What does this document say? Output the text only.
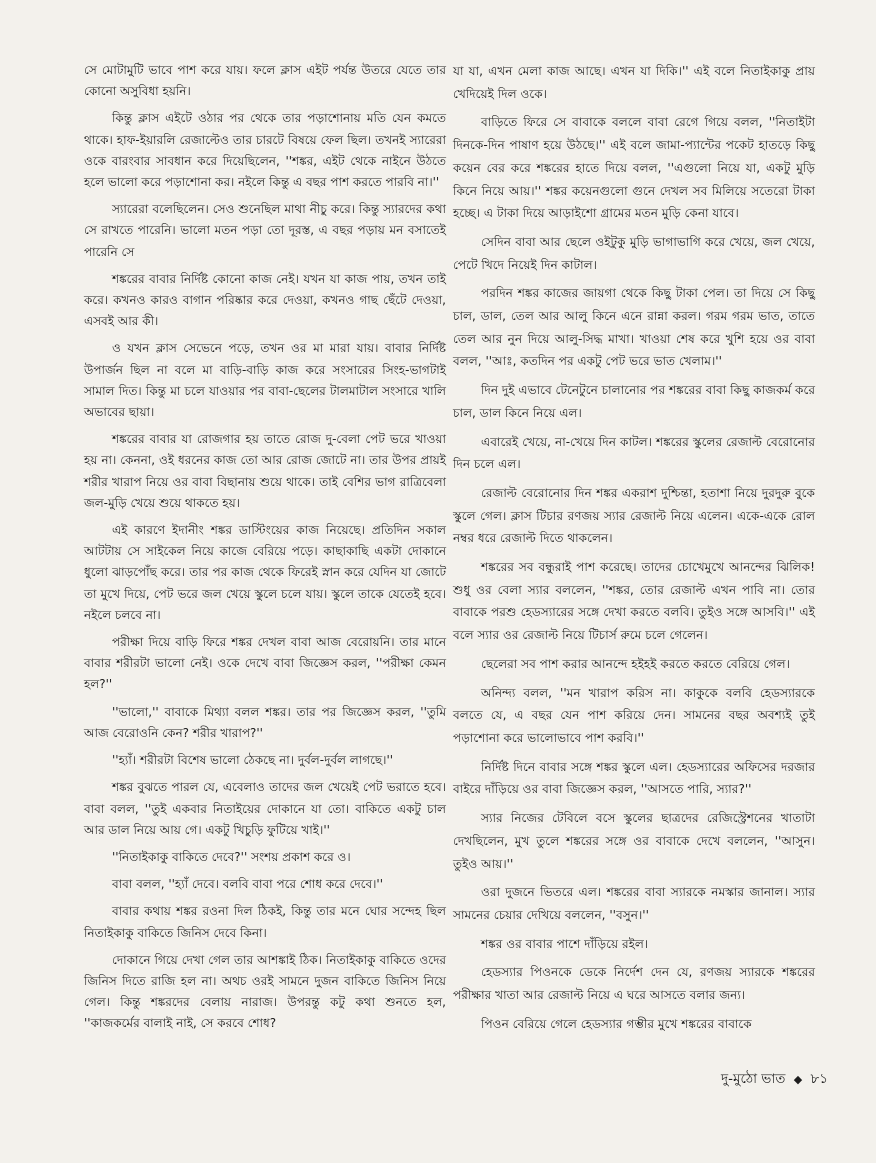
সে মোটামুটি ভাবে পাশ করে যায়। ফলে ক্লাস এইট পর্যন্ত উতরে যেতে তার কোনো অসুবিধা হয়নি।

কিন্তু ক্লাস এইটে ওঠার পর থেকে তার পড়াশোনায় মতি যেন কমতে থাকে। হাফ-ইয়ারলি রেজাল্টেও তার চারটে বিষয়ে ফেল ছিল। তখনই স্যারেরা ওকে বারংবার সাবধান করে দিয়েছিলেন, ''শঙ্কর, এইট থেকে নাইনে উঠতে হলে ভালো করে পড়াশোনা কর। নইলে কিন্তু এ বছর পাশ করতে পারবি না।''

স্যারেরা বলেছিলেন। সেও শুনেছিল মাথা নীচু করে। কিন্তু স্যারদের কথা সে রাখতে পারেনি। ভালো মতন পড়া তো দূরস্ত, এ বছর পড়ায় মন বসাতেই পারেনি সে

শঙ্করের বাবার নির্দিষ্ট কোনো কাজ নেই। যখন যা কাজ পায়, তখন তাই করে। কখনও কারও বাগান পরিষ্কার করে দেওয়া, কখনও গাছ ছেঁটে দেওয়া, এসবই আর কী।

ও যখন ক্লাস সেভেনে পড়ে, তখন ওর মা মারা যায়। বাবার নির্দিষ্ট উপার্জন ছিল না বলে মা বাড়ি-বাড়ি কাজ করে সংসারের সিংহ-ভাগটাই সামাল দিত। কিন্তু মা চলে যাওয়ার পর বাবা-ছেলের টালমাটাল সংসারে খালি অভাবের ছায়া।

শঙ্করের বাবার যা রোজগার হয় তাতে রোজ দু-বেলা পেট ভরে খাওয়া হয় না। কেননা, ওই ধরনের কাজ তো আর রোজ জোটে না। তার উপর প্রায়ই শরীর খারাপ নিয়ে ওর বাবা বিছানায় শুয়ে থাকে। তাই বেশির ভাগ রাত্রিবেলা জল-মুড়ি খেয়ে শুয়ে থাকতে হয়।

এই কারণে ইদানীং শঙ্কর ডাস্টিংয়ের কাজ নিয়েছে। প্রতিদিন সকাল আটটায় সে সাইকেল নিয়ে কাজে বেরিয়ে পড়ে। কাছাকাছি একটা দোকানে ধুলো ঝাড়পোঁছ করে। তার পর কাজ থেকে ফিরেই স্নান করে যেদিন যা জোটে তা মুখে দিয়ে, পেট ভরে জল খেয়ে স্কুলে চলে যায়। স্কুলে তাকে যেতেই হবে। নইলে চলবে না।

পরীক্ষা দিয়ে বাড়ি ফিরে শঙ্কর দেখল বাবা আজ বেরোয়নি। তার মানে বাবার শরীরটা ভালো নেই। ওকে দেখে বাবা জিজ্ঞেস করল, ''পরীক্ষা কেমন হল?''

''ভালো,'' বাবাকে মিথ্যা বলল শঙ্কর। তার পর জিজ্ঞেস করল, ''তুমি আজ বেরোওনি কেন? শরীর খারাপ?''

''হ্যাঁ। শরীরটা বিশেষ ভালো ঠেকছে না। দুর্বল-দুর্বল লাগছে।''

শঙ্কর বুঝতে পারল যে, এবেলাও তাদের জল খেয়েই পেট ভরাতে হবে। বাবা বলল, ''তুই একবার নিতাইয়ের দোকানে যা তো। বাকিতে একটু চাল আর ডাল নিয়ে আয় গে। একটু খিচুড়ি ফুটিয়ে খাই।''

''নিতাইকাকু বাকিতে দেবে?'' সংশয় প্রকাশ করে ও।

বাবা বলল, ''হ্যাঁ দেবে। বলবি বাবা পরে শোধ করে দেবে।''

বাবার কথায় শঙ্কর রওনা দিল ঠিকই, কিন্তু তার মনে ঘোর সন্দেহ ছিল নিতাইকাকু বাকিতে জিনিস দেবে কিনা।

দোকানে গিয়ে দেখা গেল তার আশঙ্কাই ঠিক। নিতাইকাকু বাকিতে ওদের জিনিস দিতে রাজি হল না। অথচ ওরই সামনে দুজন বাকিতে জিনিস নিয়ে গেল। কিন্তু শঙ্করদের বেলায় নারাজ। উপরন্তু কটু কথা শুনতে হল, ''কাজকর্মের বালাই নাই, সে করবে শোধ?

যা যা, এখন মেলা কাজ আছে। এখন যা দিকি।'' এই বলে নিতাইকাকু প্রায় খেদিয়েই দিল ওকে।

বাড়িতে ফিরে সে বাবাকে বললে বাবা রেগে গিয়ে বলল, ''নিতাইটা দিনকে-দিন পাষাণ হয়ে উঠছে।'' এই বলে জামা-প্যান্টের পকেট হাতড়ে কিছু কয়েন বের করে শঙ্করের হাতে দিয়ে বলল, ''এগুলো নিয়ে যা, একটু মুড়ি কিনে নিয়ে আয়।'' শঙ্কর কয়েনগুলো গুনে দেখল সব মিলিয়ে সতেরো টাকা হচ্ছে। এ টাকা দিয়ে আড়াইশো গ্রামের মতন মুড়ি কেনা যাবে।

সেদিন বাবা আর ছেলে ওইটুকু মুড়ি ভাগাভাগি করে খেয়ে, জল খেয়ে, পেটে খিদে নিয়েই দিন কাটাল।

পরদিন শঙ্কর কাজের জায়গা থেকে কিছু টাকা পেল। তা দিয়ে সে কিছু চাল, ডাল, তেল আর আলু কিনে এনে রান্না করল। গরম গরম ভাত, তাতে তেল আর নুন দিয়ে আলু-সিদ্ধ মাখা। খাওয়া শেষ করে খুশি হয়ে ওর বাবা বলল, ''আঃ, কতদিন পর একটু পেট ভরে ভাত খেলাম।''

দিন দুই এভাবে টেনেটুনে চালানোর পর শঙ্করের বাবা কিছু কাজকর্ম করে চাল, ডাল কিনে নিয়ে এল।

এবারেই খেয়ে, না-খেয়ে দিন কাটল। শঙ্করের স্কুলের রেজাল্ট বেরোনোর দিন চলে এল।

রেজাল্ট বেরোনোর দিন শঙ্কর একরাশ দুশ্চিন্তা, হতাশা নিয়ে দুরদুরু বুকে স্কুলে গেল। ক্লাস টিচার রণজয় স্যার রেজাল্ট নিয়ে এলেন। একে-একে রোল নম্বর ধরে রেজাল্ট দিতে থাকলেন।

শঙ্করের সব বন্ধুরাই পাশ করেছে। তাদের চোখেমুখে আনন্দের ঝিলিক! শুধু ওর বেলা স্যার বললেন, ''শঙ্কর, তোর রেজাল্ট এখন পাবি না। তোর বাবাকে পরশু হেডস্যারের সঙ্গে দেখা করতে বলবি। তুইও সঙ্গে আসবি।'' এই বলে স্যার ওর রেজাল্ট নিয়ে টিচার্স রুমে চলে গেলেন।

ছেলেরা সব পাশ করার আনন্দে হইহই করতে করতে বেরিয়ে গেল।

অনিন্দ্য বলল, ''মন খারাপ করিস না। কাকুকে বলবি হেডস্যারকে বলতে যে, এ বছর যেন পাশ করিয়ে দেন। সামনের বছর অবশ্যই তুই পড়াশোনা করে ভালোভাবে পাশ করবি।''

নির্দিষ্ট দিনে বাবার সঙ্গে শঙ্কর স্কুলে এল। হেডস্যারের অফিসের দরজার বাইরে দাঁড়িয়ে ওর বাবা জিজ্ঞেস করল, ''আসতে পারি, স্যার?''

স্যার নিজের টেবিলে বসে স্কুলের ছাত্রদের রেজিস্ট্রেশনের খাতাটা দেখছিলেন, মুখ তুলে শঙ্করের সঙ্গে ওর বাবাকে দেখে বললেন, ''আসুন। তুইও আয়।''

ওরা দুজনে ভিতরে এল। শঙ্করের বাবা স্যারকে নমস্কার জানাল। স্যার সামনের চেয়ার দেখিয়ে বললেন, ''বসুন।''

শঙ্কর ওর বাবার পাশে দাঁড়িয়ে রইল।

হেডস্যার পিওনকে ডেকে নির্দেশ দেন যে, রণজয় স্যারকে শঙ্করের পরীক্ষার খাতা আর রেজাল্ট নিয়ে এ ঘরে আসতে বলার জন্য।

পিওন বেরিয়ে গেলে হেডস্যার গম্ভীর মুখে শঙ্করের বাবাকে

দু-মুঠো ভাত ◆ ৮১
